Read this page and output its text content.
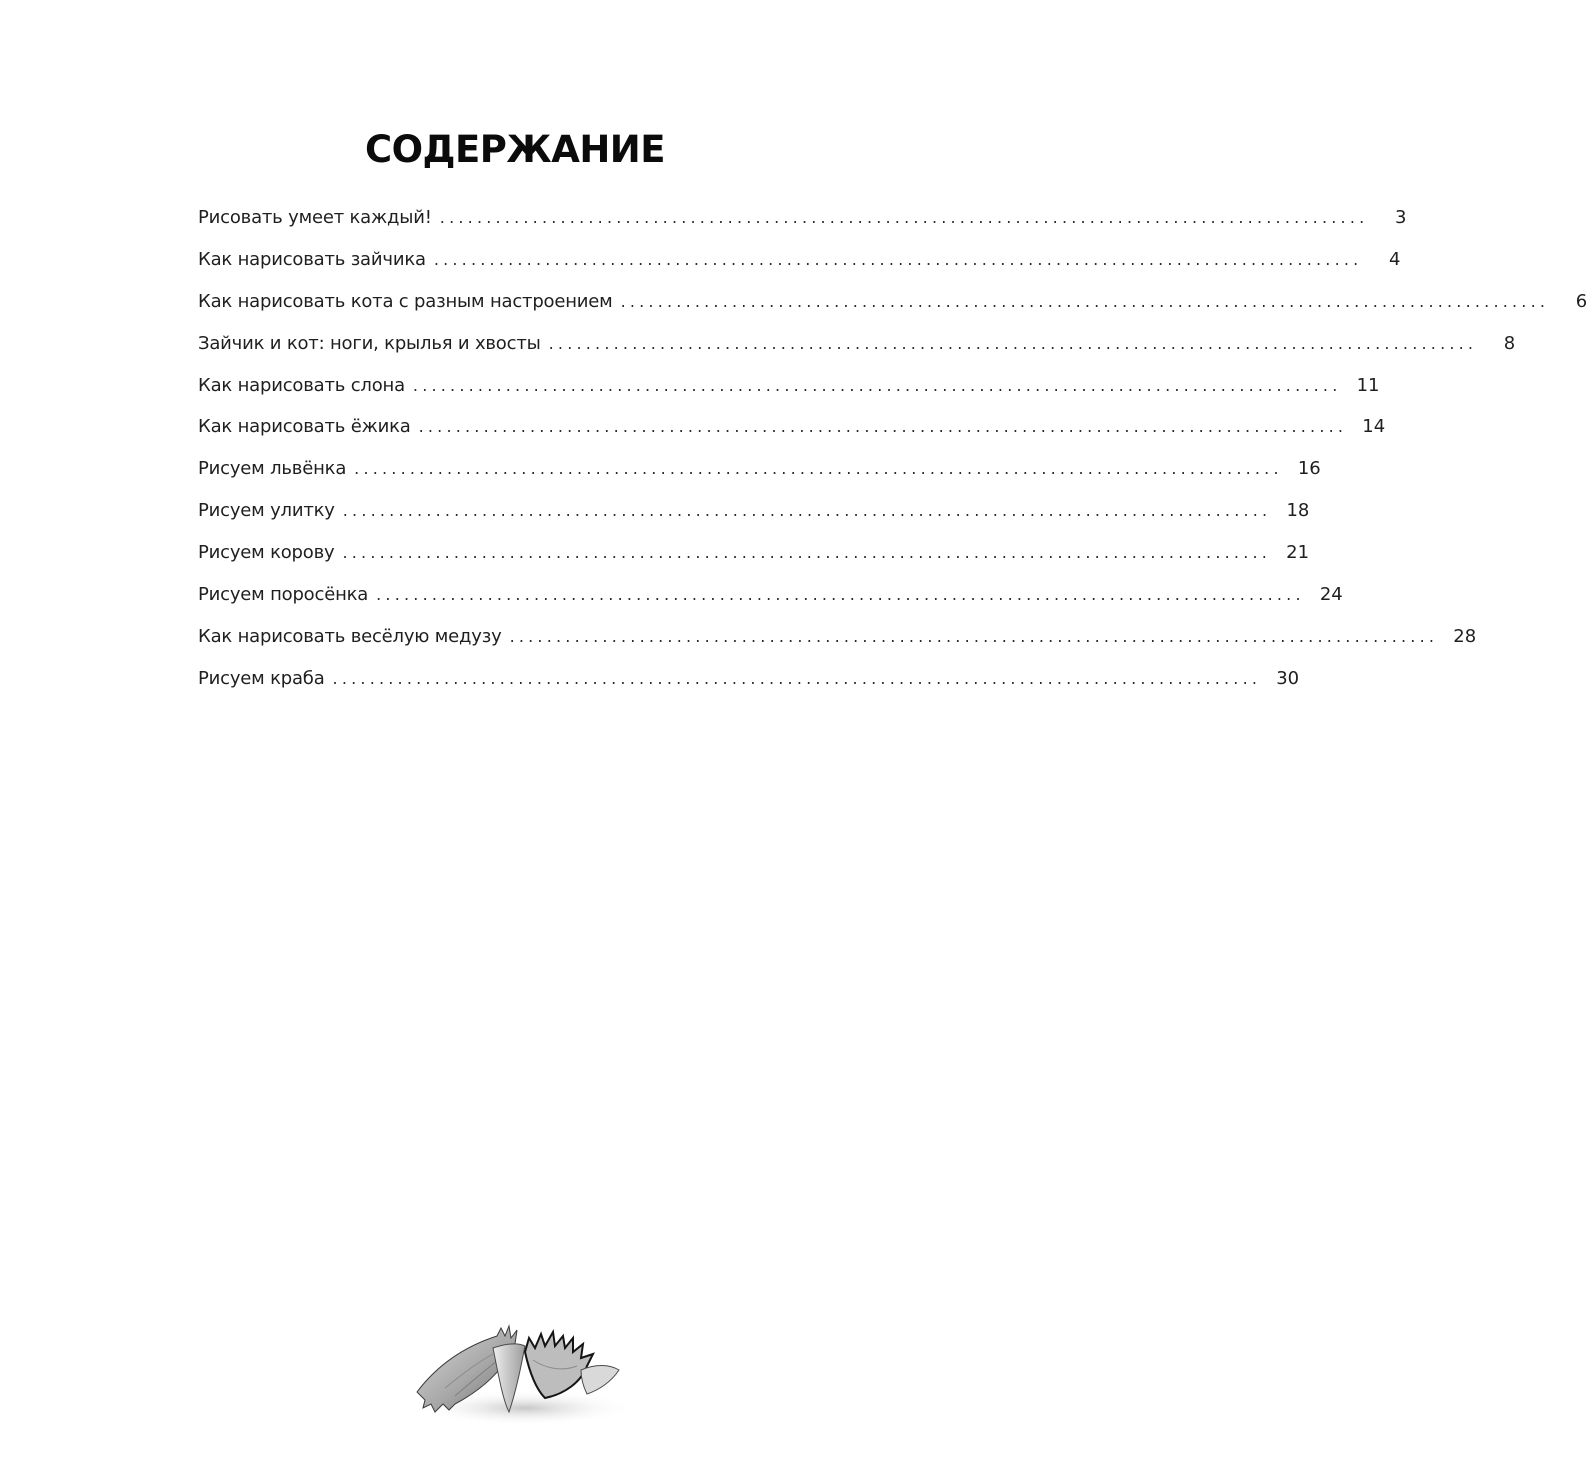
СОДЕРЖАНИЕ
Рисовать умеет каждый! ....................................................................................................	3
Как нарисовать зайчика ....................................................................................................	4
Как нарисовать кота с разным настроением ....................................................................................................	6
Зайчик и кот: ноги, крылья и хвосты ....................................................................................................	8
Как нарисовать слона .................................................................................................... 11
Как нарисовать ёжика .................................................................................................... 14
Рисуем львёнка .................................................................................................... 16
Рисуем улитку .................................................................................................... 18
Рисуем корову .................................................................................................... 21
Рисуем поросёнка .................................................................................................... 24
Как нарисовать весёлую медузу .................................................................................................... 28
Рисуем краба .................................................................................................... 30
